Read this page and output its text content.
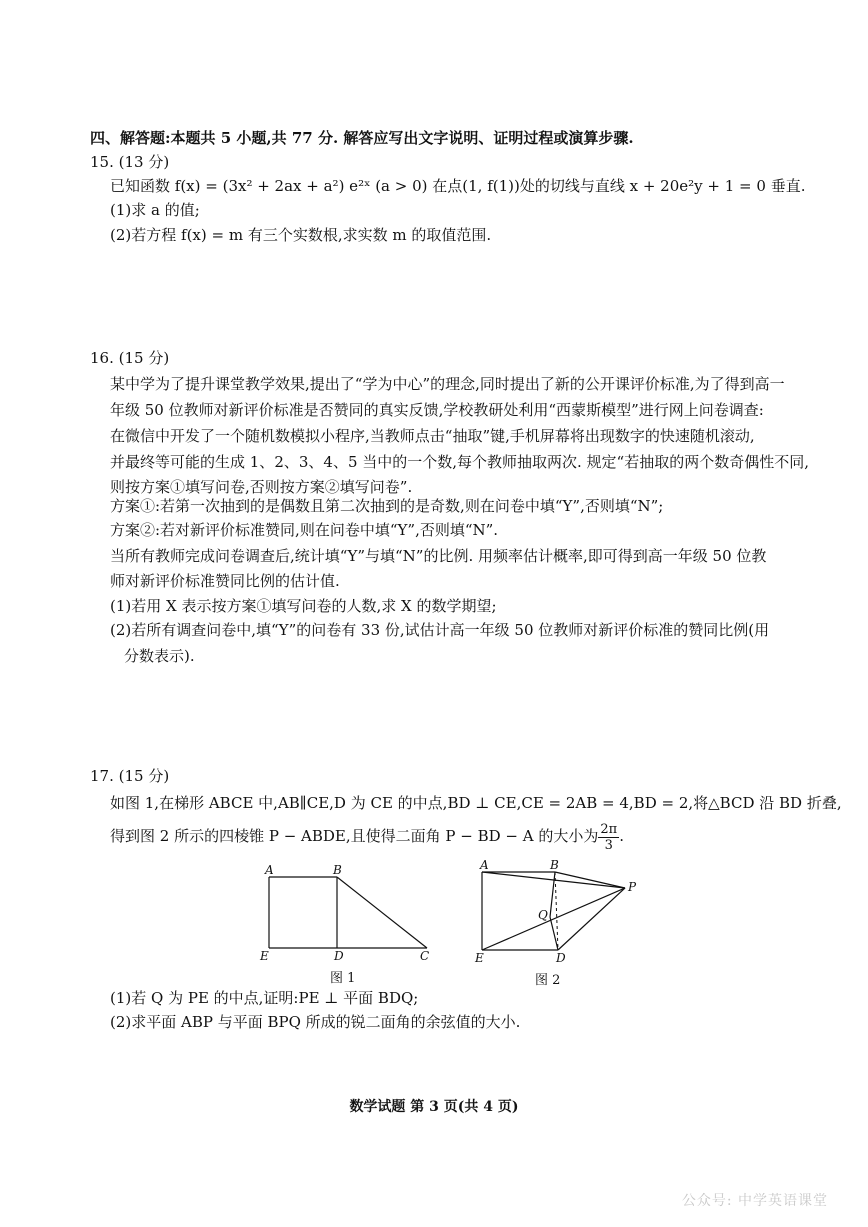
四、解答题:本题共 5 小题,共 77 分. 解答应写出文字说明、证明过程或演算步骤.
15. (13 分)
已知函数 f(x) = (3x² + 2ax + a²) e²ˣ (a > 0) 在点(1, f(1))处的切线与直线 x + 20e²y + 1 = 0 垂直.
(1)求 a 的值;
(2)若方程 f(x) = m 有三个实数根,求实数 m 的取值范围.
16. (15 分)
某中学为了提升课堂教学效果,提出了“学为中心”的理念,同时提出了新的公开课评价标准,为了得到高一
年级 50 位教师对新评价标准是否赞同的真实反馈,学校教研处利用“西蒙斯模型”进行网上问卷调查:
在微信中开发了一个随机数模拟小程序,当教师点击“抽取”键,手机屏幕将出现数字的快速随机滚动,
并最终等可能的生成 1、2、3、4、5 当中的一个数,每个教师抽取两次. 规定“若抽取的两个数奇偶性不同,
则按方案①填写问卷,否则按方案②填写问卷”.
方案①:若第一次抽到的是偶数且第二次抽到的是奇数,则在问卷中填“Y”,否则填“N”;
方案②:若对新评价标准赞同,则在问卷中填“Y”,否则填“N”.
当所有教师完成问卷调查后,统计填“Y”与填“N”的比例. 用频率估计概率,即可得到高一年级 50 位教
师对新评价标准赞同比例的估计值.
(1)若用 X 表示按方案①填写问卷的人数,求 X 的数学期望;
(2)若所有调查问卷中,填“Y”的问卷有 33 份,试估计高一年级 50 位教师对新评价标准的赞同比例(用
分数表示).
17. (15 分)
如图 1,在梯形 ABCE 中,AB∥CE,D 为 CE 的中点,BD ⊥ CE,CE = 2AB = 4,BD = 2,将△BCD 沿 BD 折叠,
得到图 2 所示的四棱锥 P − ABDE,且使得二面角 P − BD − A 的大小为 $\frac{2\pi}{3}$ .
A	B
C
D
E
图 1
A	B
P
Q
D
E
图 2
(1)若 Q 为 PE 的中点,证明:PE ⊥ 平面 BDQ;
(2)求平面 ABP 与平面 BPQ 所成的锐二面角的余弦值的大小.
数学试题 第 3 页(共 4 页)
公众号: 中学英语课堂
